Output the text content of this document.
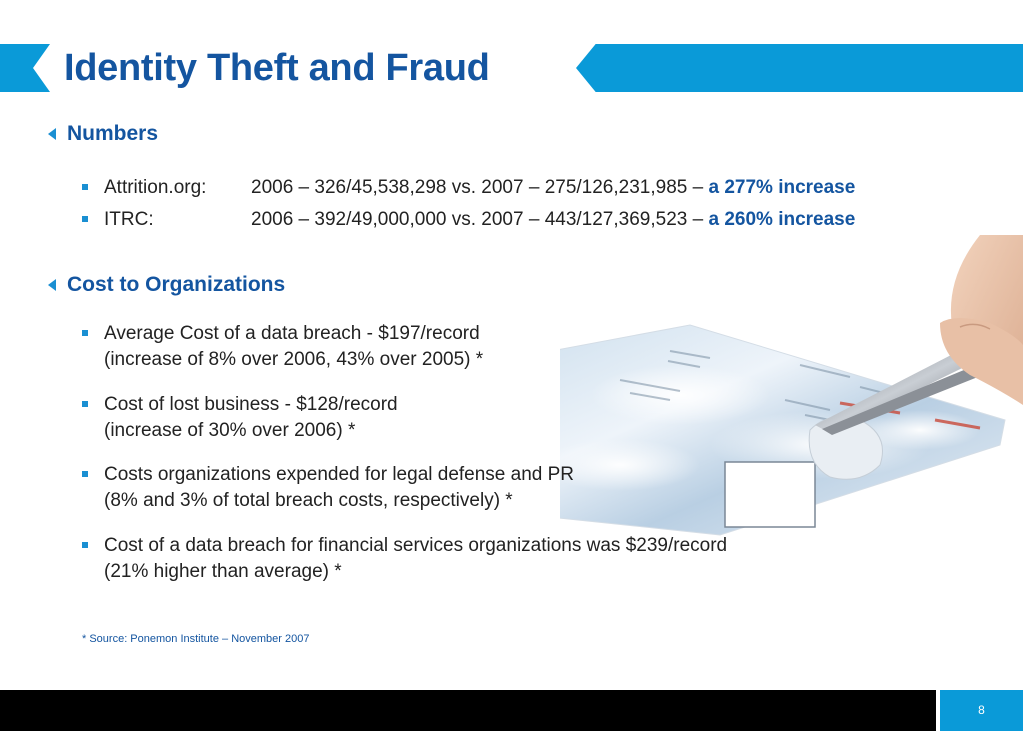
Identity Theft and Fraud
Numbers
Attrition.org: 2006 – 326/45,538,298 vs. 2007 – 275/126,231,985 – a 277% increase
ITRC:	2006 – 392/49,000,000 vs. 2007 – 443/127,369,523 – a 260% increase
Cost to Organizations
Average Cost of a data breach - $197/record
(increase of 8% over 2006, 43% over 2005) *
Cost of lost business - $128/record
(increase of 30% over 2006) *
Costs organizations expended for legal defense and PR
(8% and 3% of total breach costs, respectively) *
Cost of a data breach for financial services organizations was $239/record
(21% higher than average) *
* Source: Ponemon Institute – November 2007
8
